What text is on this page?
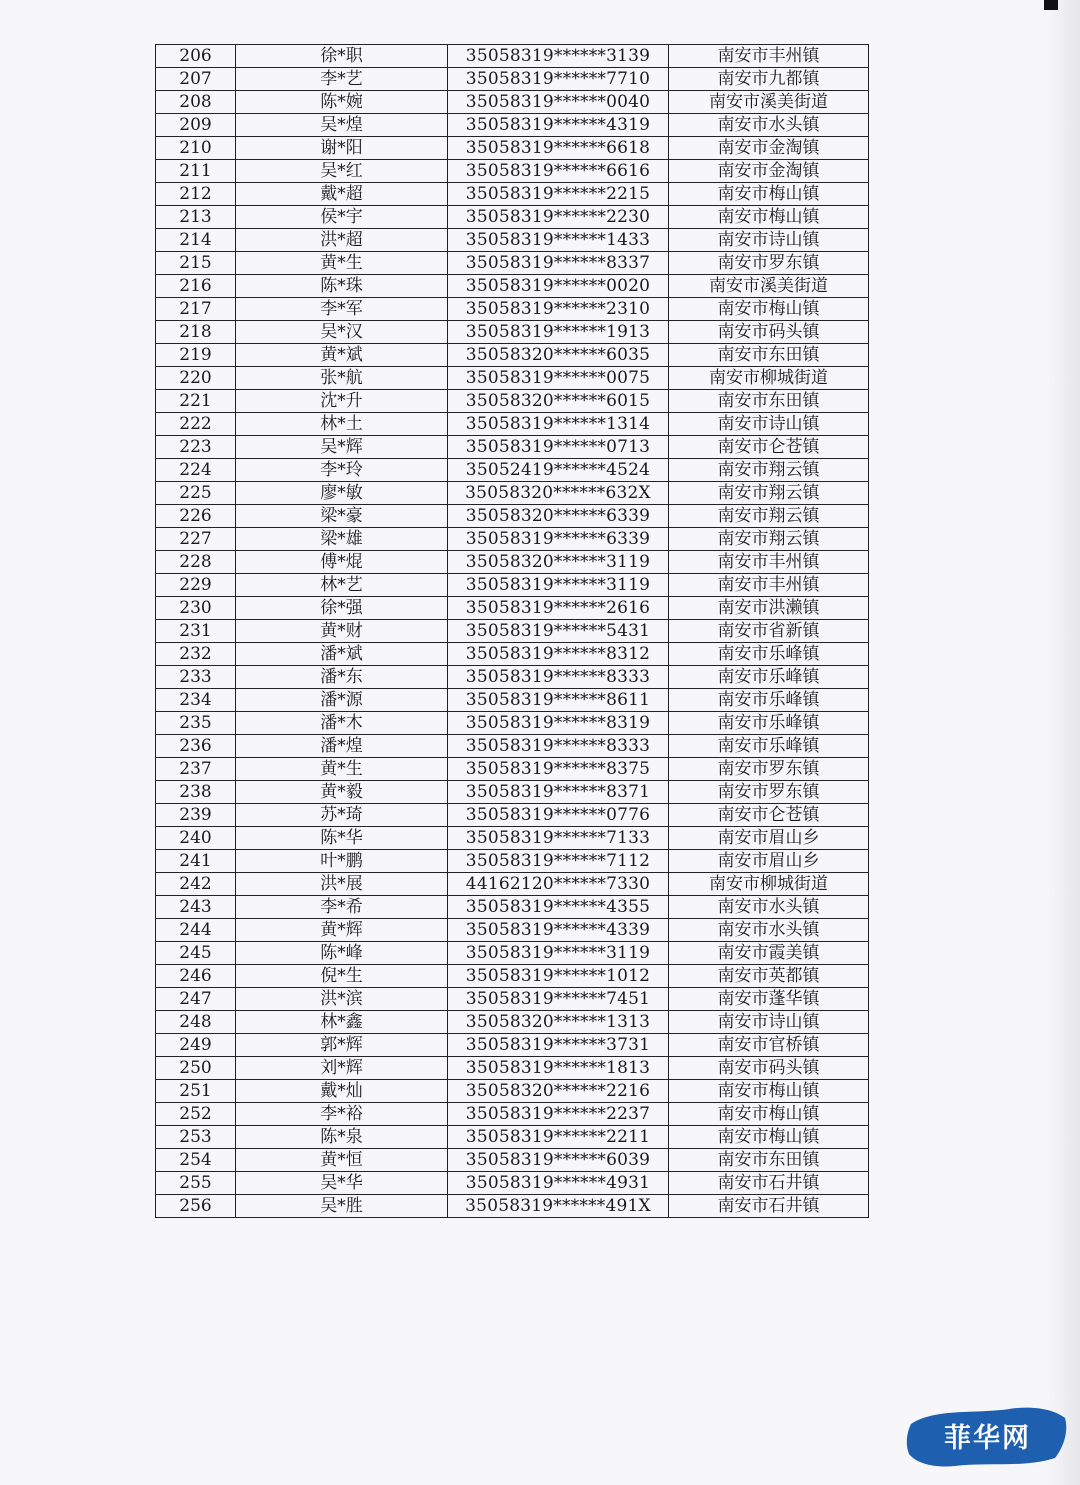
206	徐*职	35058319******3139	南安市丰州镇
207	李*艺	35058319******7710	南安市九都镇
208	陈*婉	35058319******0040	南安市溪美街道
209	吴*煌	35058319******4319	南安市水头镇
210	谢*阳	35058319******6618	南安市金淘镇
211	吴*红	35058319******6616	南安市金淘镇
212	戴*超	35058319******2215	南安市梅山镇
213	侯*宇	35058319******2230	南安市梅山镇
214	洪*超	35058319******1433	南安市诗山镇
215	黄*生	35058319******8337	南安市罗东镇
216	陈*珠	35058319******0020	南安市溪美街道
217	李*军	35058319******2310	南安市梅山镇
218	吴*汉	35058319******1913	南安市码头镇
219	黄*斌	35058320******6035	南安市东田镇
220	张*航	35058319******0075	南安市柳城街道
221	沈*升	35058320******6015	南安市东田镇
222	林*土	35058319******1314	南安市诗山镇
223	吴*辉	35058319******0713	南安市仑苍镇
224	李*玲	35052419******4524	南安市翔云镇
225	廖*敏	35058320******632X	南安市翔云镇
226	梁*豪	35058320******6339	南安市翔云镇
227	梁*雄	35058319******6339	南安市翔云镇
228	傅*焜	35058320******3119	南安市丰州镇
229	林*艺	35058319******3119	南安市丰州镇
230	徐*强	35058319******2616	南安市洪濑镇
231	黄*财	35058319******5431	南安市省新镇
232	潘*斌	35058319******8312	南安市乐峰镇
233	潘*东	35058319******8333	南安市乐峰镇
234	潘*源	35058319******8611	南安市乐峰镇
235	潘*木	35058319******8319	南安市乐峰镇
236	潘*煌	35058319******8333	南安市乐峰镇
237	黄*生	35058319******8375	南安市罗东镇
238	黄*毅	35058319******8371	南安市罗东镇
239	苏*琦	35058319******0776	南安市仑苍镇
240	陈*华	35058319******7133	南安市眉山乡
241	叶*鹏	35058319******7112	南安市眉山乡
242	洪*展	44162120******7330	南安市柳城街道
243	李*希	35058319******4355	南安市水头镇
244	黄*辉	35058319******4339	南安市水头镇
245	陈*峰	35058319******3119	南安市霞美镇
246	倪*生	35058319******1012	南安市英都镇
247	洪*滨	35058319******7451	南安市蓬华镇
248	林*鑫	35058320******1313	南安市诗山镇
249	郭*辉	35058319******3731	南安市官桥镇
250	刘*辉	35058319******1813	南安市码头镇
251	戴*灿	35058320******2216	南安市梅山镇
252	李*裕	35058319******2237	南安市梅山镇
253	陈*泉	35058319******2211	南安市梅山镇
254	黄*恒	35058319******6039	南安市东田镇
255	吴*华	35058319******4931	南安市石井镇
256	吴*胜	35058319******491X	南安市石井镇
菲华网
